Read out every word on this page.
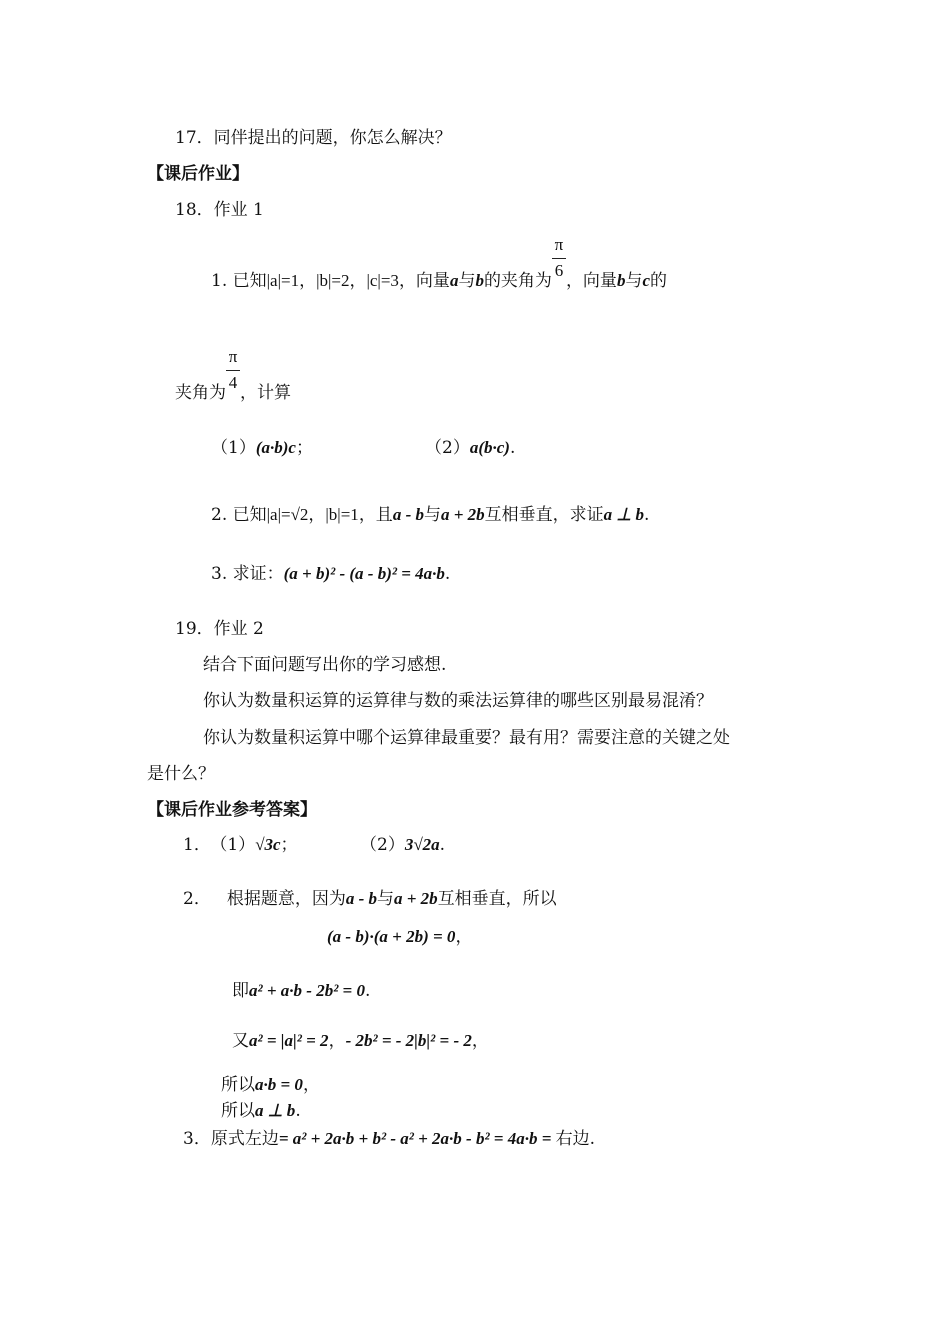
17．同伴提出的问题，你怎么解决？
【课后作业】
18．作业 1
1. 已知|a|=1，|b|=2，|c|=3，向量a与b的夹角为 $\frac{\pi}{6}$ ，向量b与c的
夹角为 $\frac{\pi}{4}$ ，计算
（1）(a·b)c；	（2）a(b·c).
2. 已知|a|=√2，|b|=1，且a - b与a + 2b互相垂直，求证a ⊥ b.
3. 求证：(a + b)² - (a - b)² = 4a·b.
19．作业 2
结合下面问题写出你的学习感想.
你认为数量积运算的运算律与数的乘法运算律的哪些区别最易混淆？
你认为数量积运算中哪个运算律最重要？最有用？需要注意的关键之处
是什么？
【课后作业参考答案】
1． （1）√3c；	（2）3√2a.
2． 根据题意，因为a - b与a + 2b互相垂直，所以
(a - b)·(a + 2b) = 0，
即a² + a·b - 2b² = 0.
又a² = |a|² = 2，- 2b² = - 2|b|² = - 2，
所以a·b = 0，
所以a ⊥ b.
3．原式左边= a² + 2a·b + b² - a² + 2a·b - b² = 4a·b = 右边.
